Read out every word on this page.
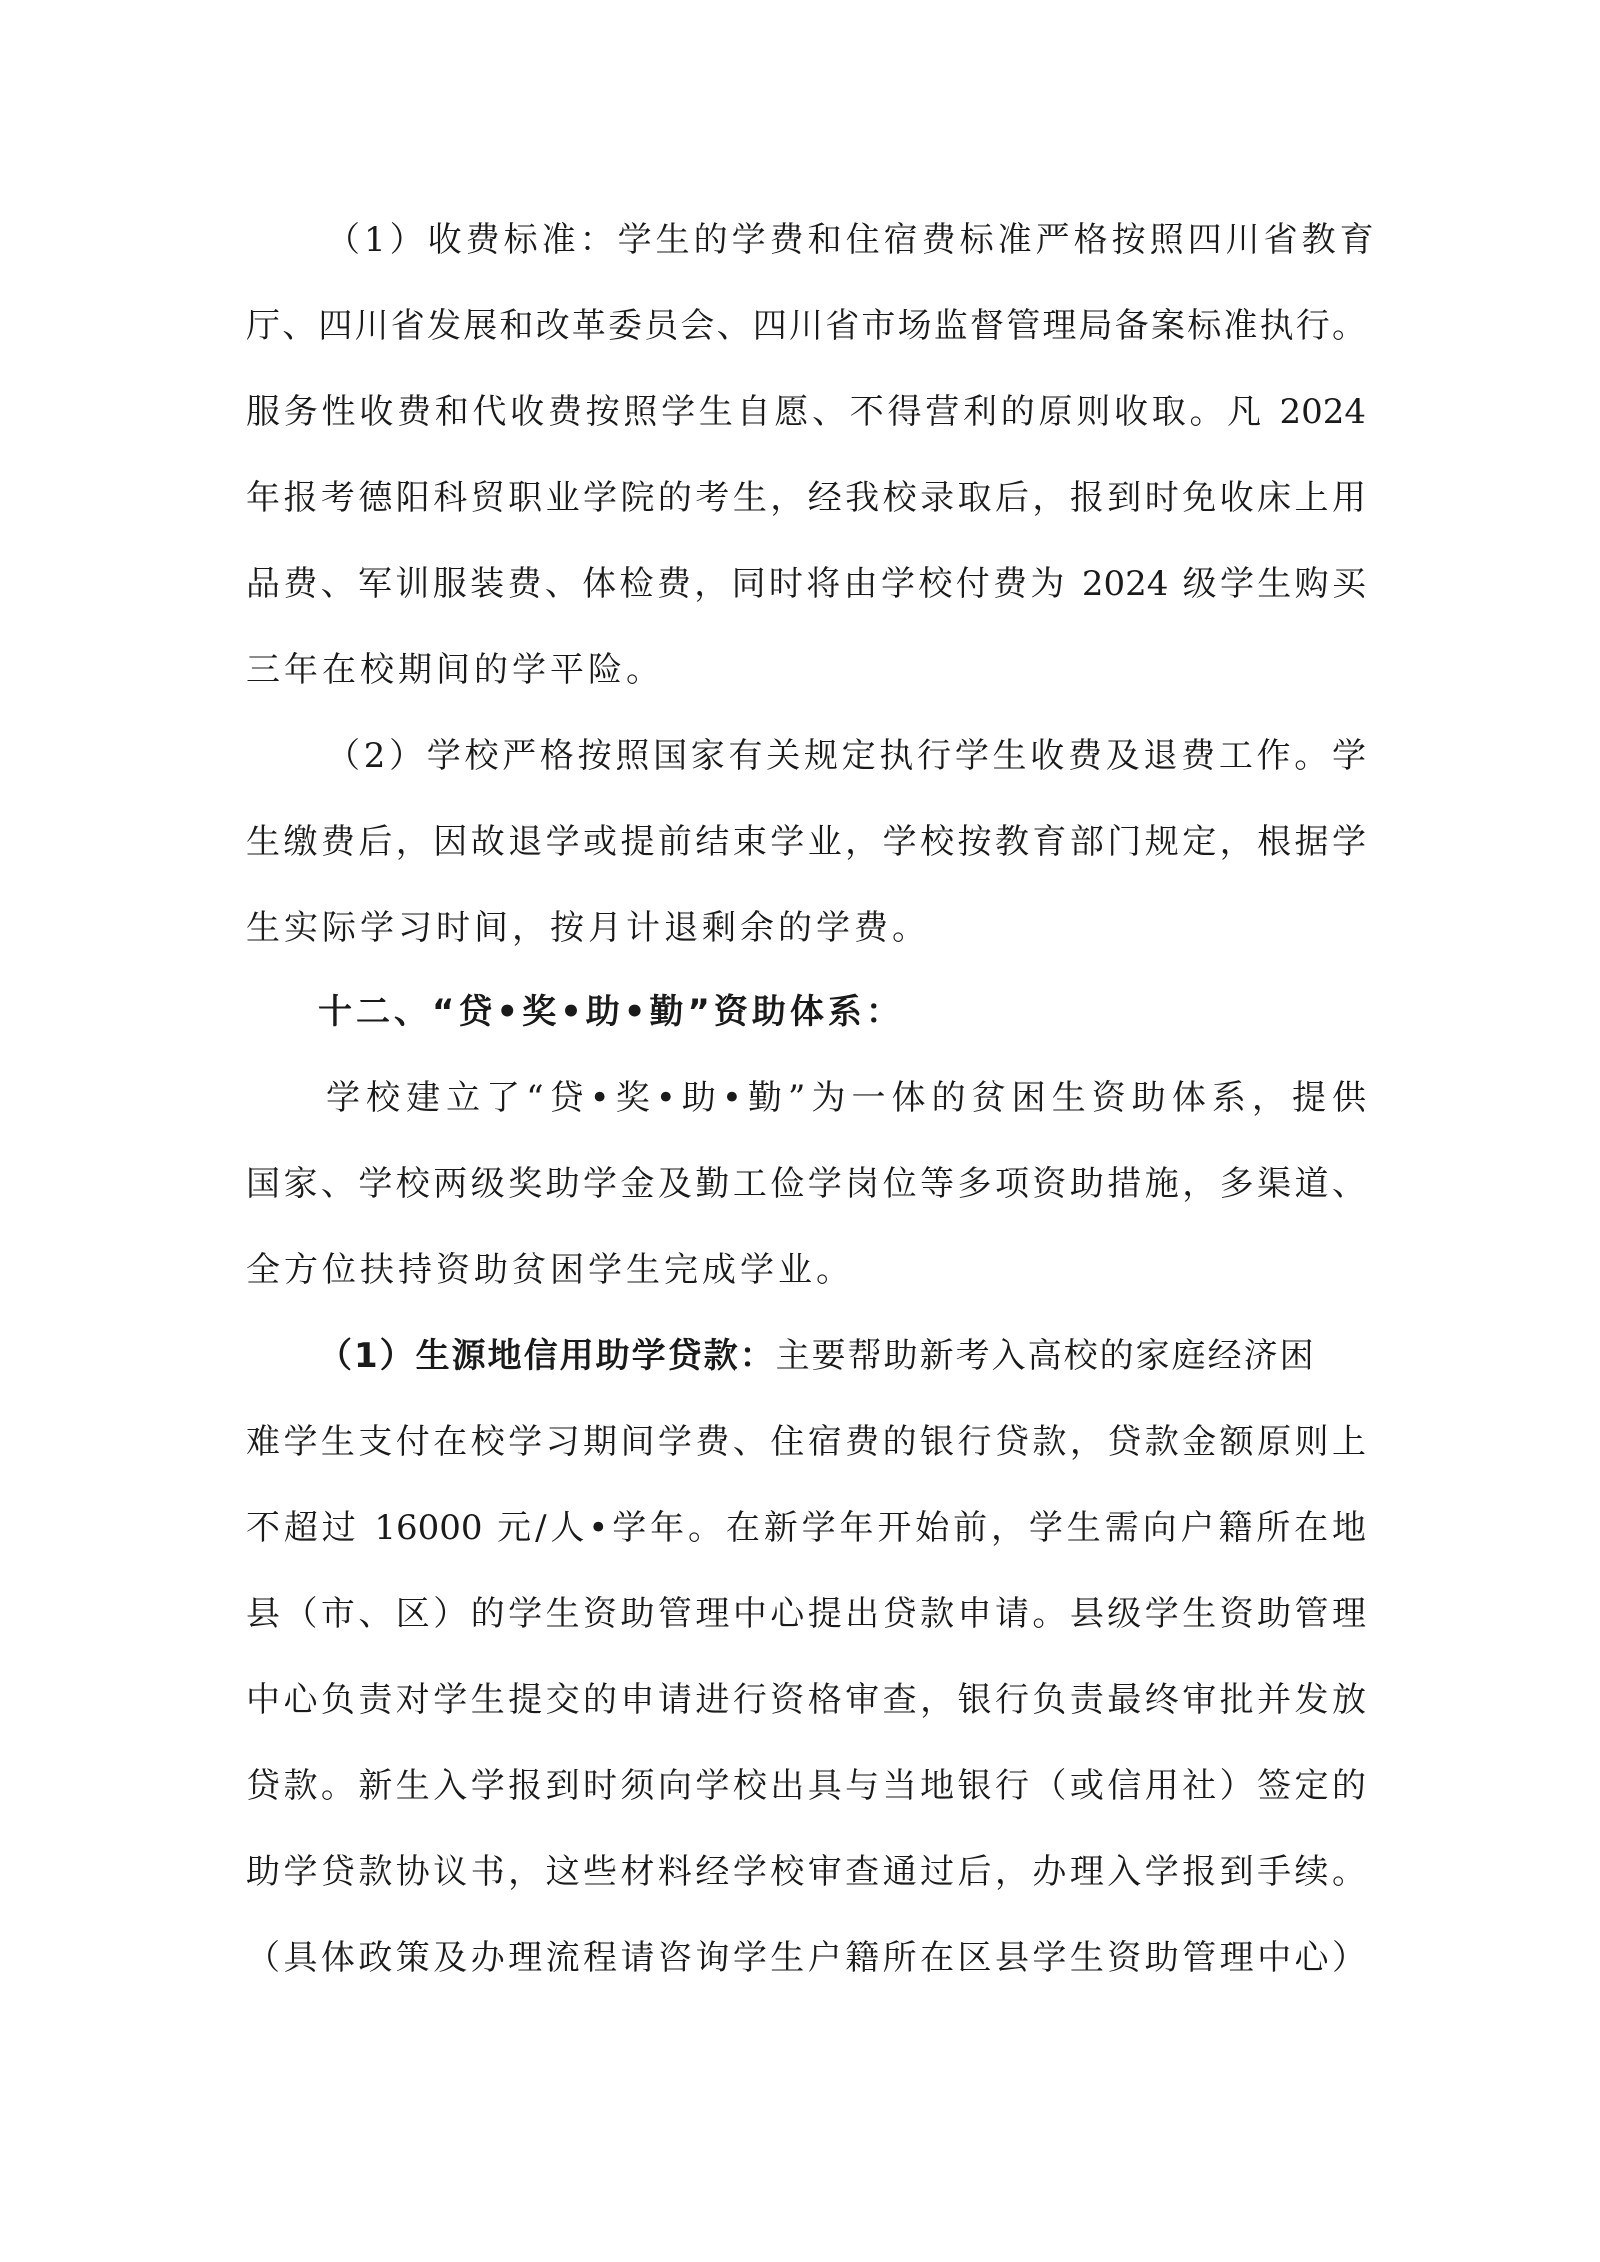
（1）收费标准：学生的学费和住宿费标准严格按照四川省教育
厅、四川省发展和改革委员会、四川省市场监督管理局备案标准执行。
服务性收费和代收费按照学生自愿、不得营利的原则收取。凡 2024
年报考德阳科贸职业学院的考生，经我校录取后，报到时免收床上用
品费、军训服装费、体检费，同时将由学校付费为 2024 级学生购买
三年在校期间的学平险。
（2）学校严格按照国家有关规定执行学生收费及退费工作。学
生缴费后，因故退学或提前结束学业，学校按教育部门规定，根据学
生实际学习时间，按月计退剩余的学费。
十二、“贷•奖•助•勤”资助体系：
学校建立了“贷•奖•助•勤”为一体的贫困生资助体系，提供
国家、学校两级奖助学金及勤工俭学岗位等多项资助措施，多渠道、
全方位扶持资助贫困学生完成学业。
（1）生源地信用助学贷款：主要帮助新考入高校的家庭经济困
难学生支付在校学习期间学费、住宿费的银行贷款，贷款金额原则上
不超过 16000 元/人•学年。在新学年开始前，学生需向户籍所在地
县（市、区）的学生资助管理中心提出贷款申请。县级学生资助管理
中心负责对学生提交的申请进行资格审查，银行负责最终审批并发放
贷款。新生入学报到时须向学校出具与当地银行（或信用社）签定的
助学贷款协议书，这些材料经学校审查通过后，办理入学报到手续。
（具体政策及办理流程请咨询学生户籍所在区县学生资助管理中心）
